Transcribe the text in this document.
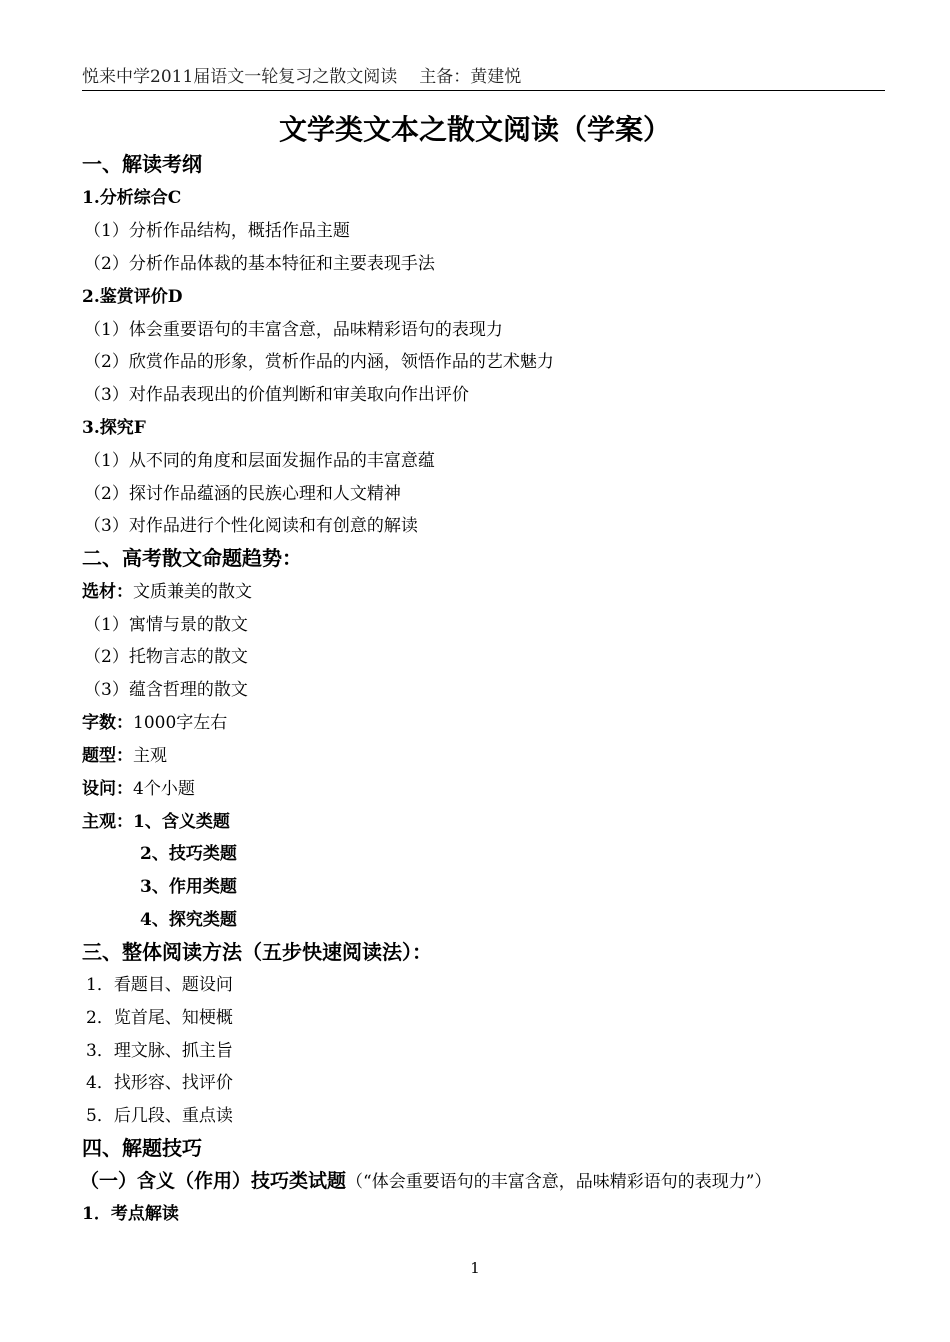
悦来中学2011届语文一轮复习之散文阅读 主备：黄建悦
文学类文本之散文阅读（学案）
一、解读考纲
1.分析综合C
（1）分析作品结构，概括作品主题
（2）分析作品体裁的基本特征和主要表现手法
2.鉴赏评价D
（1）体会重要语句的丰富含意，品味精彩语句的表现力
（2）欣赏作品的形象，赏析作品的内涵，领悟作品的艺术魅力
（3）对作品表现出的价值判断和审美取向作出评价
3.探究F
（1）从不同的角度和层面发掘作品的丰富意蕴
（2）探讨作品蕴涵的民族心理和人文精神
（3）对作品进行个性化阅读和有创意的解读
二、高考散文命题趋势：
选材：文质兼美的散文
（1）寓情与景的散文
（2）托物言志的散文
（3）蕴含哲理的散文
字数：1000字左右
题型：主观
设问：4个小题
主观：1、含义类题
2、技巧类题
3、作用类题
4、探究类题
三、整体阅读方法（五步快速阅读法）：
1．看题目、题设问
2．览首尾、知梗概
3．理文脉、抓主旨
4．找形容、找评价
5．后几段、重点读
四、解题技巧
（一）含义（作用）技巧类试题（“体会重要语句的丰富含意，品味精彩语句的表现力”）
1．考点解读
1
